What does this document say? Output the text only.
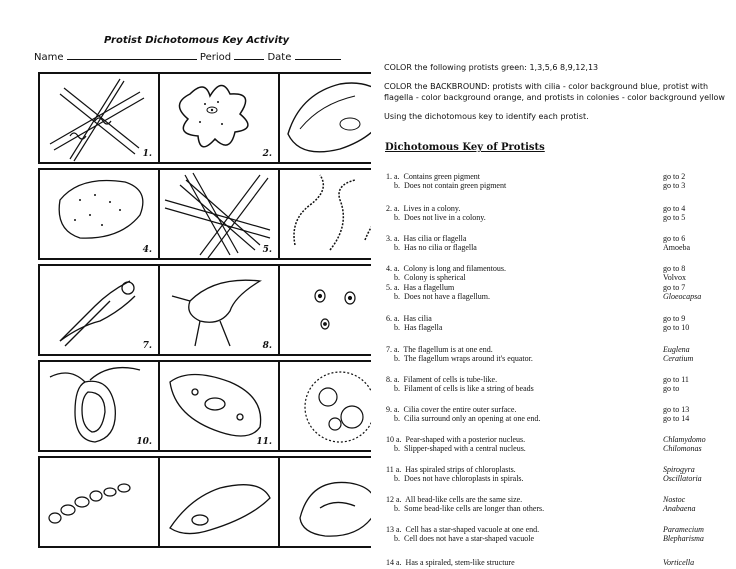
Protist Dichotomous Key Activity
Name	Period	Date
1.	2.
4.	5.
7.	8.
10.	11.

COLOR the following protists green: 1,3,5,6 8,9,12,13

COLOR the BACKBROUND: protists with cilia - color background blue, protist with flagella - color background orange, and protists in colonies - color background yellow

Using the dichotomous key to identify each protist.

Dichotomous Key of Protists
1. a.  Contains green pigment	go to 2
b.  Does not contain green pigment	go to 3
2. a.  Lives in a colony.	go to 4
b.  Does not live in a colony.	go to 5
3. a.  Has cilia or flagella	go to 6
b.  Has no cilia or flagella	Amoeba
4. a.  Colony is long and filamentous.	go to 8
b.  Colony is spherical	Volvox
5. a.  Has a flagellum	go to 7
b.  Does not have a flagellum.	Gloeocapsa
6. a.  Has cilia	go to 9
b.  Has flagella	go to 10
7. a.  The flagellum is at one end.	Euglena
b.  The flagellum wraps around it's equator.	Ceratium
8. a.  Filament of cells is tube-like.	go to 11
b.  Filament of cells is like a string of beads	go to
9. a.  Cilia cover the entire outer surface.	go to 13
b.  Cilia surround only an opening at one end.	go to 14
10 a.  Pear-shaped with a posterior nucleus.	Chlamydomo
b.  Slipper-shaped with a central nucleus.	Chilomonas
11 a.  Has spiraled strips of chloroplasts.	Spirogyra
b.  Does not have chloroplasts in spirals.	Oscillatoria
12 a.  All bead-like cells are the same size.	Nostoc
b.  Some bead-like cells are longer than others.	Anabaena
13 a.  Cell has a star-shaped vacuole at one end.	Paramecium
b.  Cell does not have a star-shaped vacuole	Blepharisma
14 a.  Has a spiraled, stem-like structure	Vorticella
